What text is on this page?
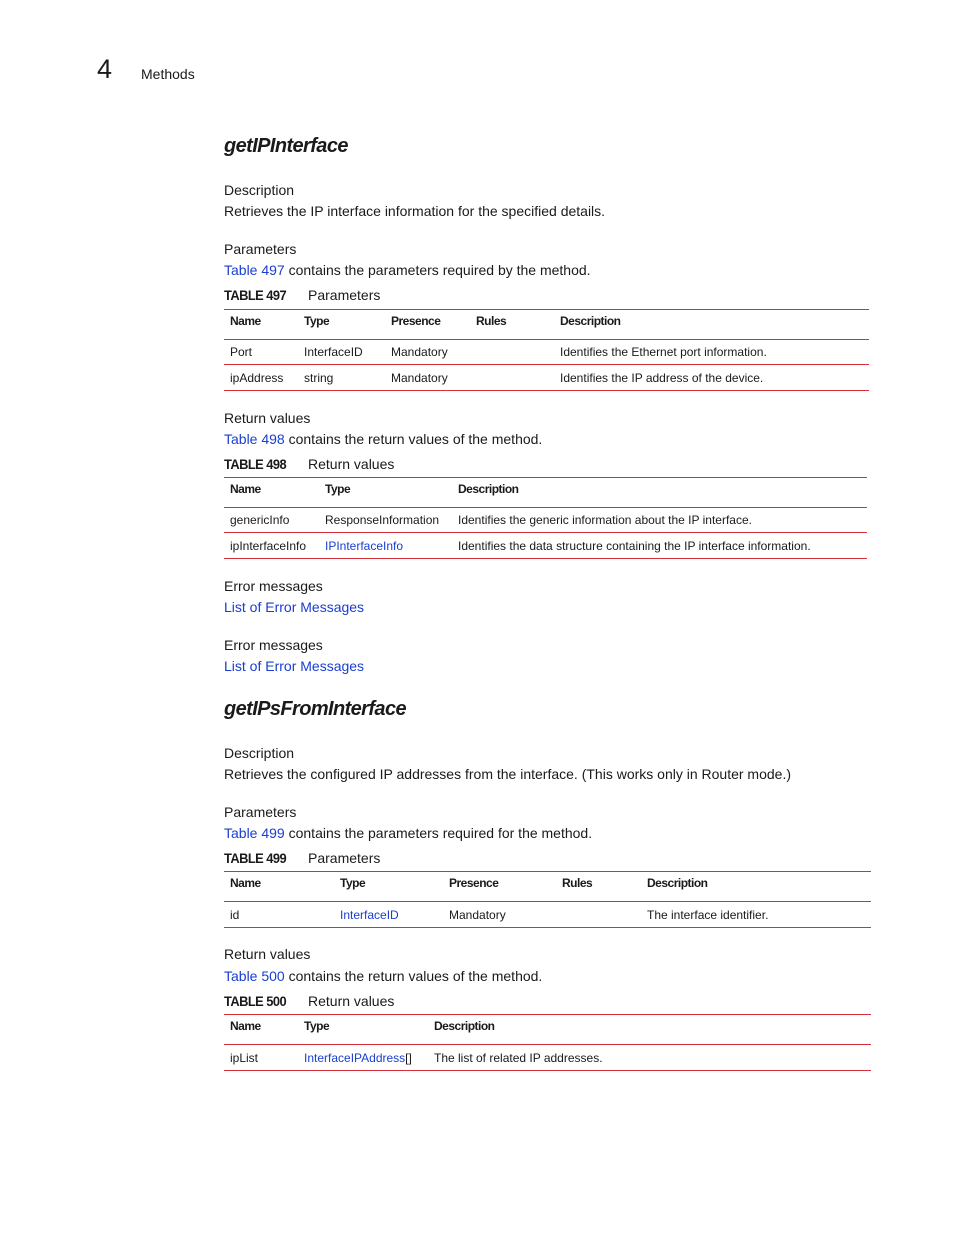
4 Methods
getIPInterface
Description
Retrieves the IP interface information for the specified details.
Parameters
Table 497 contains the parameters required by the method.
TABLE 497 Parameters
Name	Type	Presence	Rules	Description

Port	InterfaceID	Mandatory		Identifies the Ethernet port information.
ipAddress	string	Mandatory		Identifies the IP address of the device.
Return values
Table 498 contains the return values of the method.
TABLE 498 Return values
Name	Type	Description

genericInfo	ResponseInformation	Identifies the generic information about the IP interface.
ipInterfaceInfo	IPInterfaceInfo	Identifies the data structure containing the IP interface information.
Error messages
List of Error Messages
Error messages
List of Error Messages
getIPsFromInterface
Description
Retrieves the configured IP addresses from the interface. (This works only in Router mode.)
Parameters
Table 499 contains the parameters required for the method.
TABLE 499 Parameters
Name	Type	Presence	Rules	Description

id	InterfaceID	Mandatory		The interface identifier.
Return values
Table 500 contains the return values of the method.
TABLE 500 Return values
Name	Type	Description

ipList	InterfaceIPAddress[]	The list of related IP addresses.
